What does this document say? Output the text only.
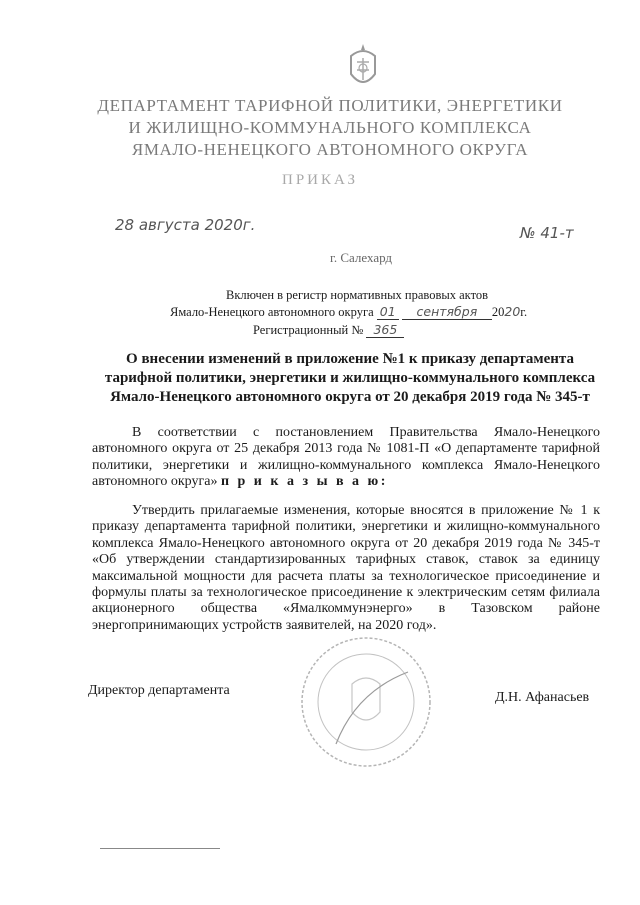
ДЕПАРТАМЕНТ ТАРИФНОЙ ПОЛИТИКИ, ЭНЕРГЕТИКИ
И ЖИЛИЩНО-КОММУНАЛЬНОГО КОМПЛЕКСА
ЯМАЛО-НЕНЕЦКОГО АВТОНОМНОГО ОКРУГА
ПРИКАЗ
28 августа 2020г.	№ 41-т
г. Салехард
Включен в регистр нормативных правовых актов
Ямало-Ненецкого автономного округа 01 сентября 2020г.
Регистрационный № 365
О внесении изменений в приложение №1 к приказу департамента тарифной политики, энергетики и жилищно-коммунального комплекса Ямало-Ненецкого автономного округа от 20 декабря 2019 года № 345-т
В соответствии с постановлением Правительства Ямало-Ненецкого автономного округа от 25 декабря 2013 года № 1081-П «О департаменте тарифной политики, энергетики и жилищно-коммунального комплекса Ямало-Ненецкого автономного округа» п р и к а з ы в а ю:
Утвердить прилагаемые изменения, которые вносятся в приложение № 1 к приказу департамента тарифной политики, энергетики и жилищно-коммунального комплекса Ямало-Ненецкого автономного округа от 20 декабря 2019 года № 345-т «Об утверждении стандартизированных тарифных ставок, ставок за единицу максимальной мощности для расчета платы за технологическое присоединение и формулы платы за технологическое присоединение к электрическим сетям филиала акционерного общества «Ямалкоммунэнерго» в Тазовском районе энергопринимающих устройств заявителей, на 2020 год».
Директор департамента	Д.Н. Афанасьев
